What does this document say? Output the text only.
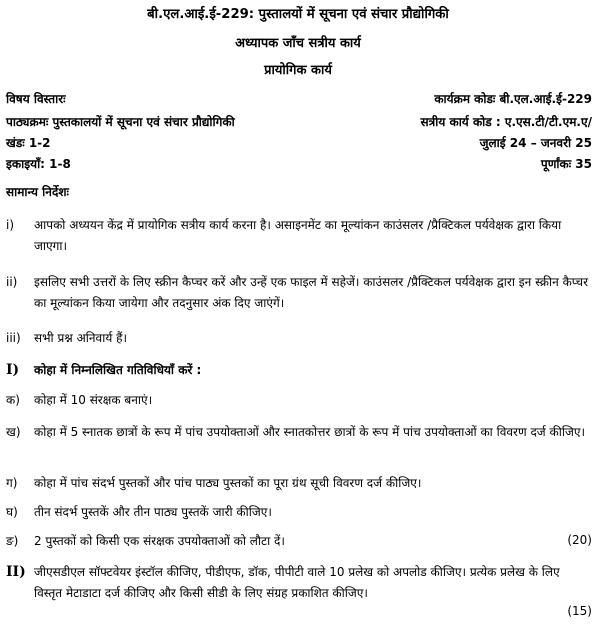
बी.एल.आई.ई-229: पुस्तालयों में सूचना एवं संचार प्रौद्योगिकी
अध्यापक जाँच सत्रीय कार्य
प्रायोगिक कार्य
विषय विस्तारः	कार्यक्रम कोडः बी.एल.आई.ई-229
पाठ्यक्रमः पुस्तकालयों में सूचना एवं संचार प्रौद्योगिकी	सत्रीय कार्य कोड : ए.एस.टी/टी.एम.ए/
खंडः 1-2	जुलाई 24 – जनवरी 25
इकाइयाँ: 1-8	पूर्णांकः 35
सामान्य निर्देशः
i)	आपको अध्ययन केंद्र में प्रायोगिक सत्रीय कार्य करना है। असाइनमेंट का मूल्यांकन काउंसलर /प्रैक्टिकल पर्यवेक्षक द्वारा किया जाएगा।
ii)	इसलिए सभी उत्तरों के लिए स्क्रीन कैप्चर करें और उन्हें एक फाइल में सहेजें। काउंसलर /प्रैक्टिकल पर्यवेक्षक द्वारा इन स्क्रीन कैप्चर का मूल्यांकन किया जायेगा और तदनुसार अंक दिए जाएंगें।
iii)	सभी प्रश्न अनिवार्य हैं।
I)	कोहा में निम्नलिखित गतिविधियाँ करें :
क)	कोहा में 10 संरक्षक बनाएं।
ख)	कोहा में 5 स्नातक छात्रों के रूप में पांच उपयोक्ताओं और स्नातकोत्तर छात्रों के रूप में पांच उपयोक्ताओं का विवरण दर्ज कीजिए।
ग)	कोहा में पांच संदर्भ पुस्तकों और पांच पाठ्य पुस्तकों का पूरा ग्रंथ सूची विवरण दर्ज कीजिए।
घ)	तीन संदर्भ पुस्तकें और तीन पाठ्य पुस्तकें जारी कीजिए।
ङ)	2 पुस्तकों को किसी एक संरक्षक उपयोक्ताओं को लौटा दें।	(20)
II) जीएसडीएल सॉफ्टवेयर इंस्टॉल कीजिए, पीडीएफ, डॉक, पीपीटी वाले 10 प्रलेख को अपलोड कीजिए। प्रत्येक प्रलेख के लिए विस्तृत मेटाडाटा दर्ज कीजिए और किसी सीडी के लिए संग्रह प्रकाशित कीजिए।
(15)
